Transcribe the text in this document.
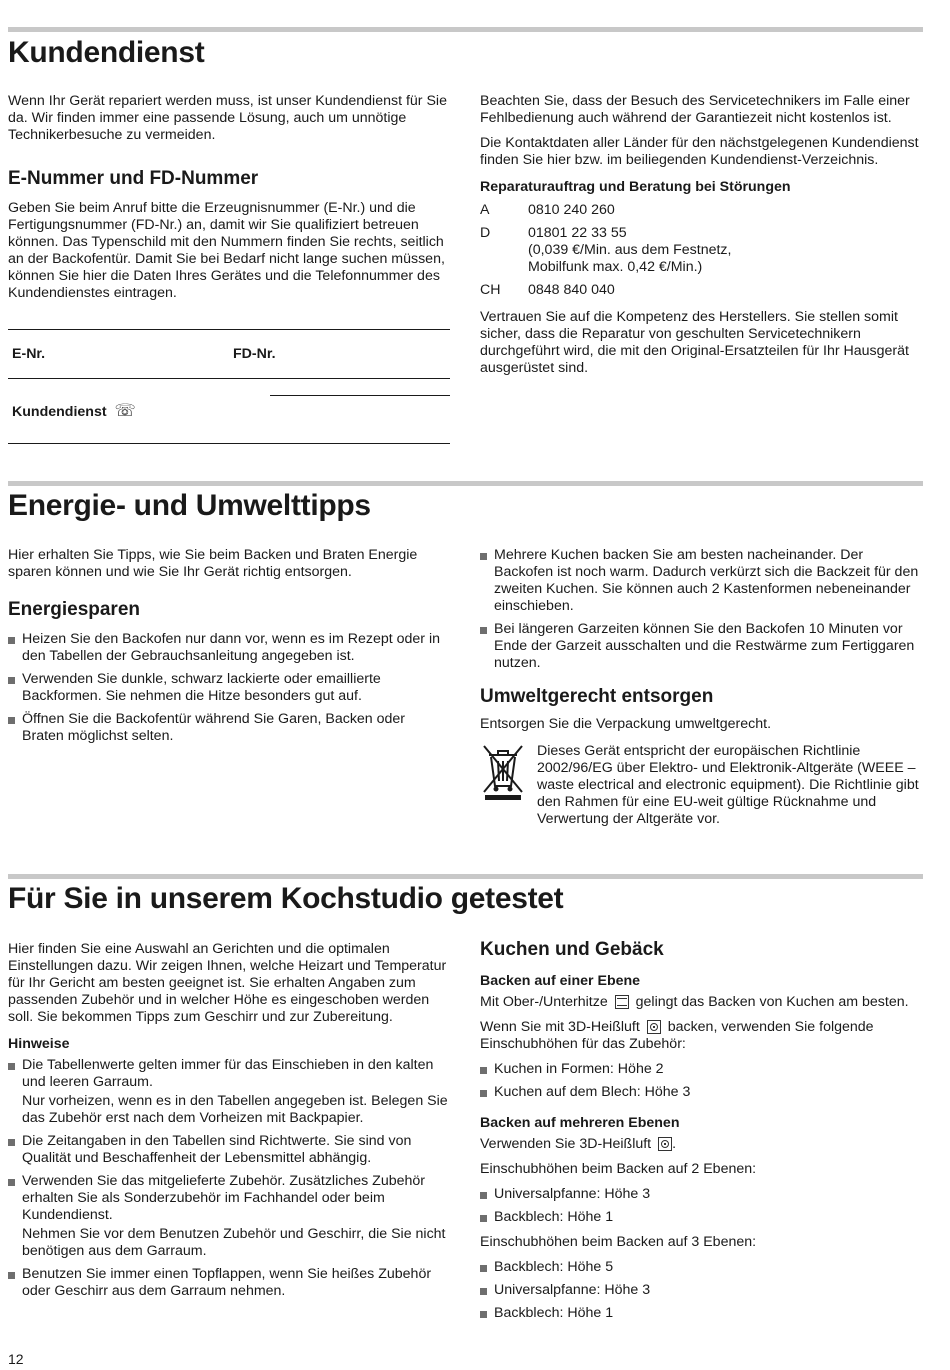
Kundendienst

Wenn Ihr Gerät repariert werden muss, ist unser Kundendienst für Sie da. Wir finden immer eine passende Lösung, auch um unnötige Technikerbesuche zu vermeiden.

E-Nummer und FD-Nummer

Geben Sie beim Anruf bitte die Erzeugnisnummer (E-Nr.) und die Fertigungsnummer (FD-Nr.) an, damit wir Sie qualifiziert betreuen können. Das Typenschild mit den Nummern finden Sie rechts, seitlich an der Backofentür. Damit Sie bei Bedarf nicht lange suchen müssen, können Sie hier die Daten Ihres Gerätes und die Telefonnummer des Kundendienstes eintragen.

E-Nr.	FD-Nr.
Kundendienst ☏

Beachten Sie, dass der Besuch des Servicetechnikers im Falle einer Fehlbedienung auch während der Garantiezeit nicht kostenlos ist.

Die Kontaktdaten aller Länder für den nächstgelegenen Kundendienst finden Sie hier bzw. im beiliegenden Kundendienst-Verzeichnis.

Reparaturauftrag und Beratung bei Störungen
A	0810 240 260
D	01801 22 33 55
(0,039 €/Min. aus dem Festnetz,
Mobilfunk max. 0,42 €/Min.)
CH	0848 840 040

Vertrauen Sie auf die Kompetenz des Herstellers. Sie stellen somit sicher, dass die Reparatur von geschulten Servicetechnikern durchgeführt wird, die mit den Original-Ersatzteilen für Ihr Hausgerät ausgerüstet sind.

Energie- und Umwelttipps

Hier erhalten Sie Tipps, wie Sie beim Backen und Braten Energie sparen können und wie Sie Ihr Gerät richtig entsorgen.

Energiesparen
Heizen Sie den Backofen nur dann vor, wenn es im Rezept oder in den Tabellen der Gebrauchsanleitung angegeben ist.
Verwenden Sie dunkle, schwarz lackierte oder emaillierte Backformen. Sie nehmen die Hitze besonders gut auf.
Öffnen Sie die Backofentür während Sie Garen, Backen oder Braten möglichst selten.
Mehrere Kuchen backen Sie am besten nacheinander. Der Backofen ist noch warm. Dadurch verkürzt sich die Backzeit für den zweiten Kuchen. Sie können auch 2 Kastenformen nebeneinander einschieben.
Bei längeren Garzeiten können Sie den Backofen 10 Minuten vor Ende der Garzeit ausschalten und die Restwärme zum Fertiggaren nutzen.
Umweltgerecht entsorgen

Entsorgen Sie die Verpackung umweltgerecht.

Dieses Gerät entspricht der europäischen Richtlinie 2002/96/EG über Elektro- und Elektronik-Altgeräte (WEEE – waste electrical and electronic equipment). Die Richtlinie gibt den Rahmen für eine EU-weit gültige Rücknahme und Verwertung der Altgeräte vor.

Für Sie in unserem Kochstudio getestet

Hier finden Sie eine Auswahl an Gerichten und die optimalen Einstellungen dazu. Wir zeigen Ihnen, welche Heizart und Temperatur für Ihr Gericht am besten geeignet ist. Sie erhalten Angaben zum passenden Zubehör und in welcher Höhe es eingeschoben werden soll. Sie bekommen Tipps zum Geschirr und zur Zubereitung.

Hinweise
Die Tabellenwerte gelten immer für das Einschieben in den kalten und leeren Garraum.
Nur vorheizen, wenn es in den Tabellen angegeben ist. Belegen Sie das Zubehör erst nach dem Vorheizen mit Backpapier.
Die Zeitangaben in den Tabellen sind Richtwerte. Sie sind von Qualität und Beschaffenheit der Lebensmittel abhängig.
Verwenden Sie das mitgelieferte Zubehör. Zusätzliches Zubehör erhalten Sie als Sonderzubehör im Fachhandel oder beim Kundendienst.
Nehmen Sie vor dem Benutzen Zubehör und Geschirr, die Sie nicht benötigen aus dem Garraum.
Benutzen Sie immer einen Topflappen, wenn Sie heißes Zubehör oder Geschirr aus dem Garraum nehmen.
Kuchen und Gebäck
Backen auf einer Ebene

Mit Ober-/Unterhitze gelingt das Backen von Kuchen am besten.

Wenn Sie mit 3D-Heißluft backen, verwenden Sie folgende Einschubhöhen für das Zubehör:

Kuchen in Formen: Höhe 2
Kuchen auf dem Blech: Höhe 3
Backen auf mehreren Ebenen

Verwenden Sie 3D-Heißluft .

Einschubhöhen beim Backen auf 2 Ebenen:

Universalpfanne: Höhe 3
Backblech: Höhe 1

Einschubhöhen beim Backen auf 3 Ebenen:

Backblech: Höhe 5
Universalpfanne: Höhe 3
Backblech: Höhe 1
12
